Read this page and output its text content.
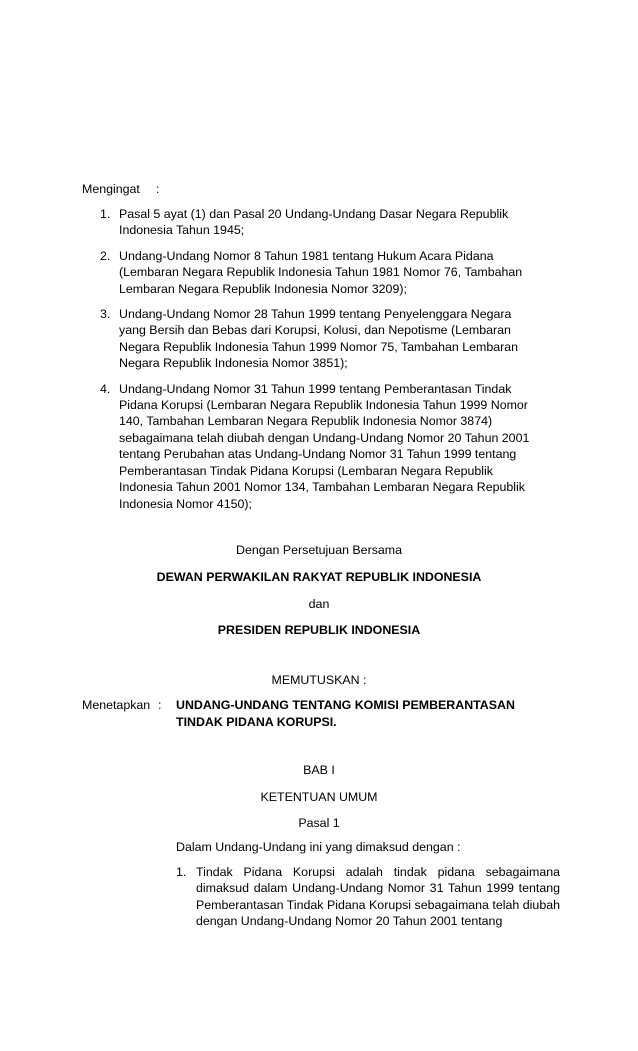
Mengingat :
1. Pasal 5 ayat (1) dan Pasal 20 Undang-Undang Dasar Negara Republik Indonesia Tahun 1945;
2. Undang-Undang Nomor 8 Tahun 1981 tentang Hukum Acara Pidana (Lembaran Negara Republik Indonesia Tahun 1981 Nomor 76, Tambahan Lembaran Negara Republik Indonesia Nomor 3209);
3. Undang-Undang Nomor 28 Tahun 1999 tentang Penyelenggara Negara yang Bersih dan Bebas dari Korupsi, Kolusi, dan Nepotisme (Lembaran Negara Republik Indonesia Tahun 1999 Nomor 75, Tambahan Lembaran Negara Republik Indonesia Nomor 3851);
4. Undang-Undang Nomor 31 Tahun 1999 tentang Pemberantasan Tindak Pidana Korupsi (Lembaran Negara Republik Indonesia Tahun 1999 Nomor 140, Tambahan Lembaran Negara Republik Indonesia Nomor 3874) sebagaimana telah diubah dengan Undang-Undang Nomor 20 Tahun 2001 tentang Perubahan atas Undang-Undang Nomor 31 Tahun 1999 tentang Pemberantasan Tindak Pidana Korupsi (Lembaran Negara Republik Indonesia Tahun 2001 Nomor 134, Tambahan Lembaran Negara Republik Indonesia Nomor 4150);
Dengan Persetujuan Bersama
DEWAN PERWAKILAN RAKYAT REPUBLIK INDONESIA
dan
PRESIDEN REPUBLIK INDONESIA
MEMUTUSKAN :
Menetapkan : UNDANG-UNDANG TENTANG KOMISI PEMBERANTASAN TINDAK PIDANA KORUPSI.
BAB I
KETENTUAN UMUM
Pasal 1
Dalam Undang-Undang ini yang dimaksud dengan :
1. Tindak Pidana Korupsi adalah tindak pidana sebagaimana dimaksud dalam Undang-Undang Nomor 31 Tahun 1999 tentang Pemberantasan Tindak Pidana Korupsi sebagaimana telah diubah dengan Undang-Undang Nomor 20 Tahun 2001 tentang
